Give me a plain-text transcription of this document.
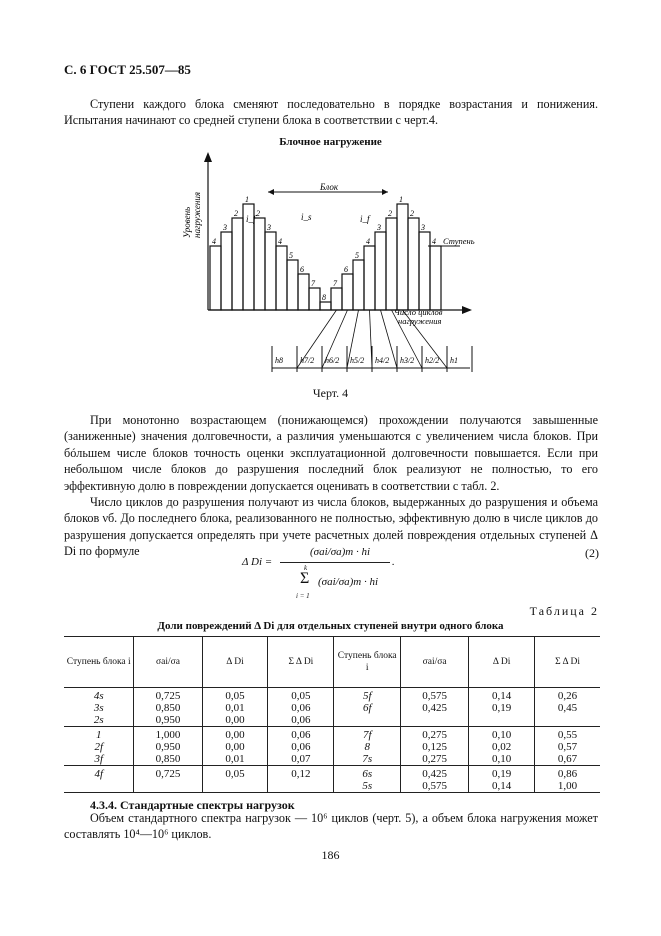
С. 6 ГОСТ 25.507—85

Ступени каждого блока сменяют последовательно в порядке возрастания и понижения. Испытания начинают со средней ступени блока в соответствии с черт.4.

Блочное нагружение
Уровень нагружения
Число циклов
нагружения
Блок
Ступень
i_f	i_s	i_f
4
3
2
1
2
3
4
5
6
7
8
7
6
5
4
3
2
1
2
3
4
h8 h7/2 h6/2 h5/2 h4/2 h3/2 h2/2 h1
Черт. 4

При монотонно возрастающем (понижающемся) прохождении получаются завышенные (заниженные) значения долговечности, а различия уменьшаются с увеличением числа блоков. При бóльшем числе блоков точность оценки эксплуатационной долговечности повышается. Если при небольшом числе блоков до разрушения последний блок реализуют не полностью, то его эффективную долю в повреждении допускается оценивать в соответствии с табл. 2.

Число циклов до разрушения получают из числа блоков, выдержанных до разрушения и объема блоков νб. До последнего блока, реализованного не полностью, эффективную долю в числе циклов до разрушения допускается определять при учете расчетных долей повреждения отдельных ступеней Δ Di по формуле

Δ Di =
(σai/σa)m · hi
k
Σ
i = 1
(σai/σa)m · hi
.
(2)
Таблица 2
Доли повреждений Δ Di для отдельных ступеней внутри одного блока
Ступень блока i	σai/σa	Δ Di	Σ Δ Di	Ступень блока i	σai/σa	Δ Di	Σ Δ Di
4s	0,725	0,05	0,05	5f	0,575	0,14	0,26
3s	0,850	0,01	0,06	6f	0,425	0,19	0,45
2s	0,950	0,00	0,06				
1	1,000	0,00	0,06	7f	0,275	0,10	0,55
2f	0,950	0,00	0,06	8	0,125	0,02	0,57
3f	0,850	0,01	0,07	7s	0,275	0,10	0,67
4f	0,725	0,05	0,12	6s	0,425	0,19	0,86
				5s	0,575	0,14	1,00
4.3.4. Стандартные спектры нагрузок

Объем стандартного спектра нагрузок — 10⁶ циклов (черт. 5), а объем блока нагружения может составлять 10⁴—10⁶ циклов.

186
